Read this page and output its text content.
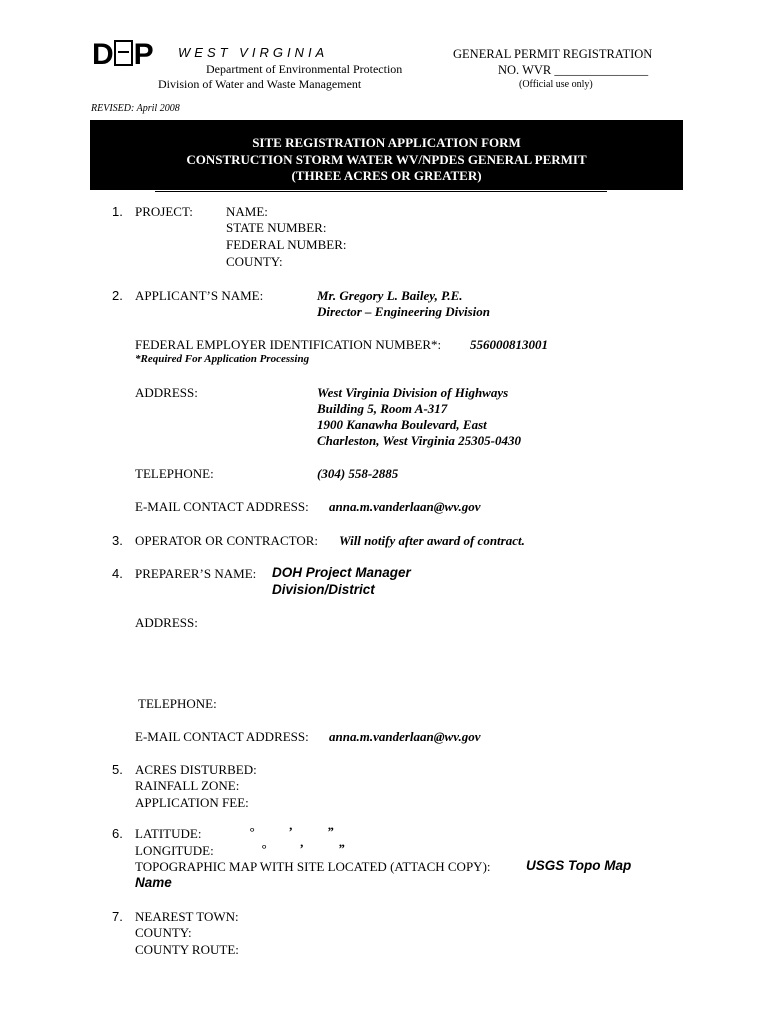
D P WEST VIRGINIA
Department of Environmental Protection
Division of Water and Waste Management
GENERAL PERMIT REGISTRATION
NO. WVR _______________
(Official use only)
REVISED: April 2008
SITE REGISTRATION APPLICATION FORM
CONSTRUCTION STORM WATER WV/NPDES GENERAL PERMIT
(THREE ACRES OR GREATER)
1. PROJECT:	NAME:
STATE NUMBER:
FEDERAL NUMBER:
COUNTY:
2. APPLICANT’S NAME:	Mr. Gregory L. Bailey, P.E.
Director – Engineering Division
FEDERAL EMPLOYER IDENTIFICATION NUMBER*: 556000813001
*Required For Application Processing
ADDRESS:	West Virginia Division of Highways
Building 5, Room A-317
1900 Kanawha Boulevard, East
Charleston, West Virginia 25305-0430
TELEPHONE:	(304) 558-2885
E-MAIL CONTACT ADDRESS: anna.m.vanderlaan@wv.gov
3. OPERATOR OR CONTRACTOR: Will notify after award of contract.
4. PREPARER’S NAME: DOH Project Manager
Division/District
ADDRESS:
TELEPHONE:
E-MAIL CONTACT ADDRESS: anna.m.vanderlaan@wv.gov
5. ACRES DISTURBED:
RAINFALL ZONE:
APPLICATION FEE:
6. LATITUDE:	°	’	”
LONGITUDE:	°	’	”
TOPOGRAPHIC MAP WITH SITE LOCATED (ATTACH COPY):	USGS Topo Map
Name
7. NEAREST TOWN:
COUNTY:
COUNTY ROUTE:
